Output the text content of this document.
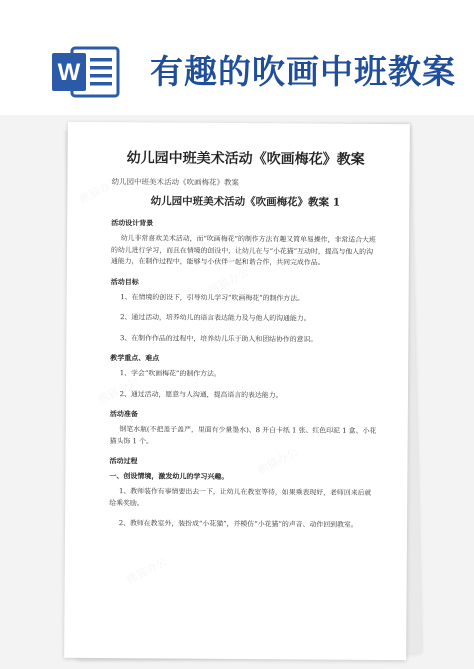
W 有趣的吹画中班教案
幼儿园中班美术活动《吹画梅花》教案
幼儿园中班美术活动《吹画梅花》教案
幼儿园中班美术活动《吹画梅花》教案 1
活动设计背景
幼儿非常喜欢美术活动，而“吹画梅花”的制作方法有趣又简单易操作，非常适合大班的幼儿进行学习，而且在情境的创设中，让幼儿在与“小花猫”互动时，提高与他人的沟通能力，在制作过程中，能够与小伙伴一起和谐合作，共同完成作品。
活动目标
1、在情境的创设下，引导幼儿学习“吹画梅花”的制作方法。
2、通过活动，培养幼儿的语言表达能力及与他人的沟通能力。
3、在制作作品的过程中，培养幼儿乐于助人和团结协作的意识。
教学重点、难点
1、学会“吹画梅花”的制作方法。
2、通过活动，愿意与人沟通，提高语言的表达能力。
活动准备
钢笔水瓶(不把盖子盖严，里面有少量墨水)、8 开白卡纸 1 张、红色印泥 1 盒、小花猫头饰 1 个。
活动过程
一、创设情境，激发幼儿的学习兴趣。
1、教师装作有事情要出去一下，让幼儿在教室等待，如果乘表现好，老师回来后就给乘奖励。
2、教师在教室外，装扮成“小花猫”，并模仿“小花猫”的声音、动作回到教室。
熊猫办公
熊猫办公
熊猫办公
熊猫办公
熊猫办公
